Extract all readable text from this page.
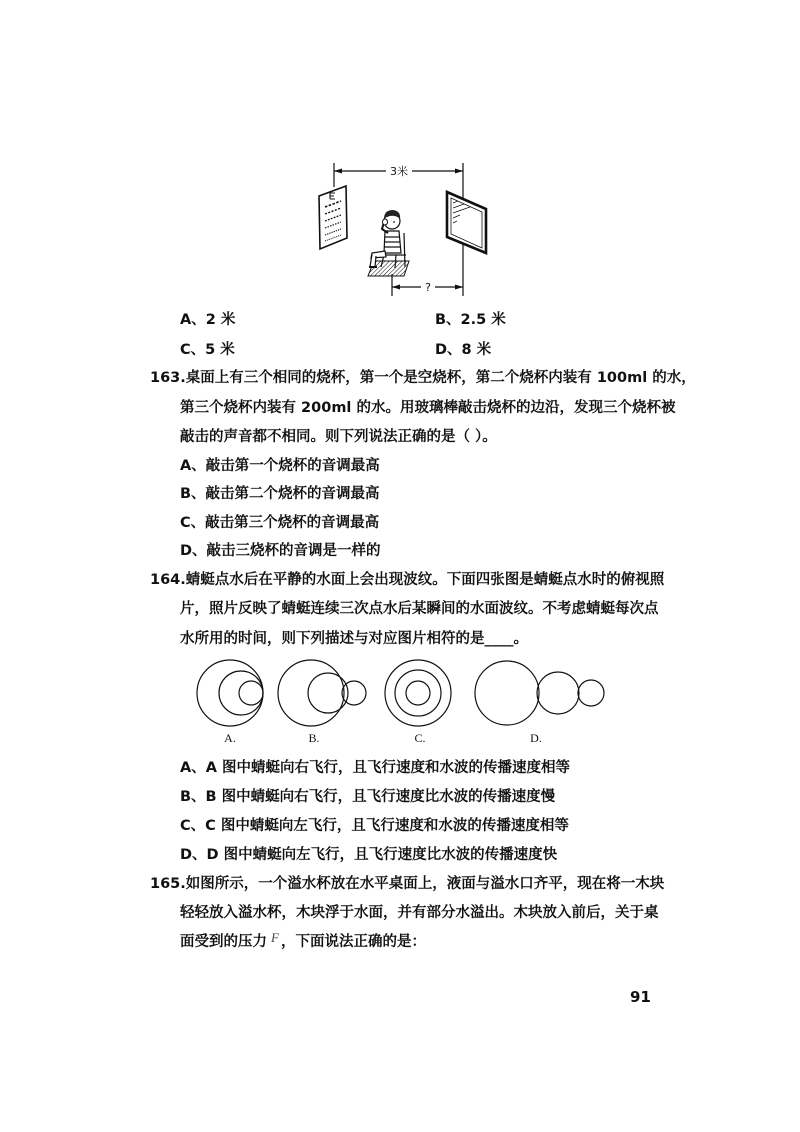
3米
?
A、2 米	B、2.5 米
C、5 米	D、8 米
163.桌面上有三个相同的烧杯，第一个是空烧杯，第二个烧杯内装有 100ml 的水，
第三个烧杯内装有 200ml 的水。用玻璃棒敲击烧杯的边沿，发现三个烧杯被
敲击的声音都不相同。则下列说法正确的是（ ）。
A、敲击第一个烧杯的音调最高
B、敲击第二个烧杯的音调最高
C、敲击第三个烧杯的音调最高
D、敲击三烧杯的音调是一样的
164.蜻蜓点水后在平静的水面上会出现波纹。下面四张图是蜻蜓点水时的俯视照
片，照片反映了蜻蜓连续三次点水后某瞬间的水面波纹。不考虑蜻蜓每次点
水所用的时间，则下列描述与对应图片相符的是____。
A.	B.	C.	D.
A、A 图中蜻蜓向右飞行，且飞行速度和水波的传播速度相等
B、B 图中蜻蜓向右飞行，且飞行速度比水波的传播速度慢
C、C 图中蜻蜓向左飞行，且飞行速度和水波的传播速度相等
D、D 图中蜻蜓向左飞行，且飞行速度比水波的传播速度快
165.如图所示，一个溢水杯放在水平桌面上，液面与溢水口齐平，现在将一木块
轻轻放入溢水杯，木块浮于水面，并有部分水溢出。木块放入前后，关于桌
面受到的压力 F ，下面说法正确的是：
91
